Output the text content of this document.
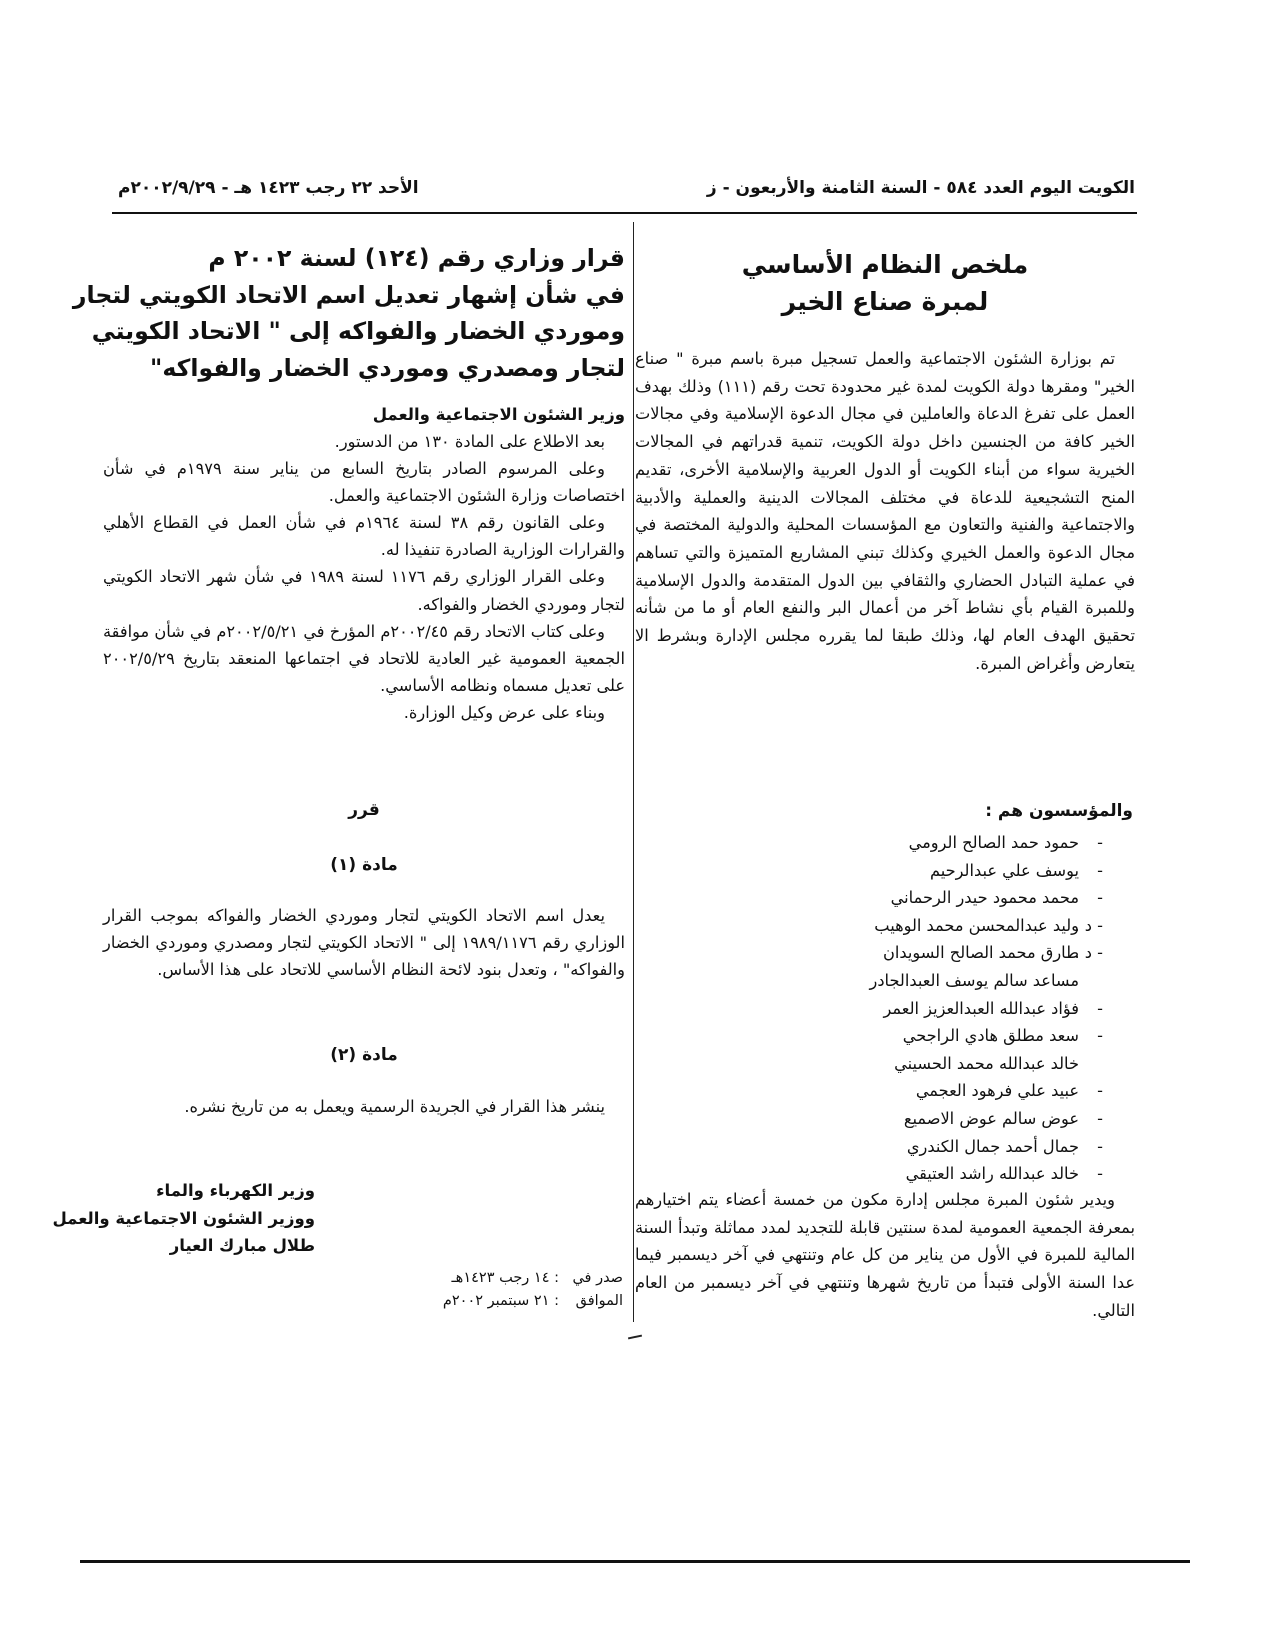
الكويت اليوم العدد ٥٨٤ - السنة الثامنة والأربعون - ز
الأحد ٢٢ رجب ١٤٢٣ هـ - ٢٠٠٢/٩/٢٩م
ملخص النظام الأساسي
لمبرة صناع الخير

تم بوزارة الشئون الاجتماعية والعمل تسجيل مبرة باسم مبرة " صناع الخير" ومقرها دولة الكويت لمدة غير محدودة تحت رقم (١١١) وذلك بهدف العمل على تفرغ الدعاة والعاملين في مجال الدعوة الإسلامية وفي مجالات الخير كافة من الجنسين داخل دولة الكويت، تنمية قدراتهم في المجالات الخيرية سواء من أبناء الكويت أو الدول العربية والإسلامية الأخرى، تقديم المنح التشجيعية للدعاة في مختلف المجالات الدينية والعملية والأدبية والاجتماعية والفنية والتعاون مع المؤسسات المحلية والدولية المختصة في مجال الدعوة والعمل الخيري وكذلك تبني المشاريع المتميزة والتي تساهم في عملية التبادل الحضاري والثقافي بين الدول المتقدمة والدول الإسلامية وللمبرة القيام بأي نشاط آخر من أعمال البر والنفع العام أو ما من شأنه تحقيق الهدف العام لها، وذلك طبقا لما يقرره مجلس الإدارة وبشرط الا يتعارض وأغراض المبرة.

والمؤسسون هم :
-حمود حمد الصالح الرومي
-يوسف علي عبدالرحيم
-محمد محمود حيدر الرحماني
- د .وليد عبدالمحسن محمد الوهيب
- د .طارق محمد الصالح السويدان
مساعد سالم يوسف العبدالجادر
-فؤاد عبدالله العبدالعزيز العمر
-سعد مطلق هادي الراجحي
خالد عبدالله محمد الحسيني
-عبيد علي فرهود العجمي
-عوض سالم عوض الاصميع
-جمال أحمد جمال الكندري
-خالد عبدالله راشد العتيقي

ويدير شئون المبرة مجلس إدارة مكون من خمسة أعضاء يتم اختيارهم بمعرفة الجمعية العمومية لمدة سنتين قابلة للتجديد لمدد مماثلة وتبدأ السنة المالية للمبرة في الأول من يناير من كل عام وتنتهي في آخر ديسمبر فيما عدا السنة الأولى فتبدأ من تاريخ شهرها وتنتهي في آخر ديسمبر من العام التالي.

قرار وزاري رقم (١٢٤) لسنة ٢٠٠٢ م
في شأن إشهار تعديل اسم الاتحاد الكويتي لتجار
وموردي الخضار والفواكه إلى " الاتحاد الكويتي
لتجار ومصدري وموردي الخضار والفواكه"
وزير الشئون الاجتماعية والعمل

بعد الاطلاع على المادة ١٣٠ من الدستور.

وعلى المرسوم الصادر بتاريخ السابع من يناير سنة ١٩٧٩م في شأن اختصاصات وزارة الشئون الاجتماعية والعمل.

وعلى القانون رقم ٣٨ لسنة ١٩٦٤م في شأن العمل في القطاع الأهلي والقرارات الوزارية الصادرة تنفيذا له.

وعلى القرار الوزاري رقم ١١٧٦ لسنة ١٩٨٩ في شأن شهر الاتحاد الكويتي لتجار وموردي الخضار والفواكه.

وعلى كتاب الاتحاد رقم ٢٠٠٢/٤٥م المؤرخ في ٢٠٠٢/٥/٢١م في شأن موافقة الجمعية العمومية غير العادية للاتحاد في اجتماعها المنعقد بتاريخ ٢٠٠٢/٥/٢٩ على تعديل مسماه ونظامه الأساسي.

وبناء على عرض وكيل الوزارة.

قرر
مادة (١)

يعدل اسم الاتحاد الكويتي لتجار وموردي الخضار والفواكه بموجب القرار الوزاري رقم ١٩٨٩/١١٧٦ إلى " الاتحاد الكويتي لتجار ومصدري وموردي الخضار والفواكه" ، وتعدل بنود لائحة النظام الأساسي للاتحاد على هذا الأساس.

مادة (٢)

ينشر هذا القرار في الجريدة الرسمية ويعمل به من تاريخ نشره.

وزير الكهرباء والماء
ووزير الشئون الاجتماعية والعمل
طلال مبارك العيار
صدر في: ١٤ رجب ١٤٢٣هـ
الموافق: ٢١ سبتمبر ٢٠٠٢م
